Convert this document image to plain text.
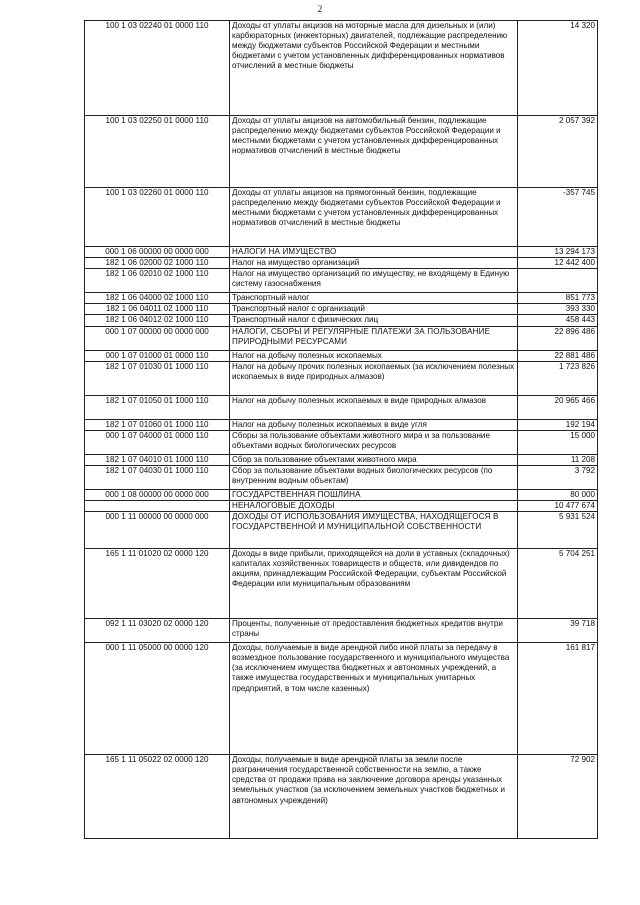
2
100 1 03 02240 01 0000 110	Доходы от уплаты акцизов на моторные масла для дизельных и (или) карбюраторных (инжекторных) двигателей, подлежащие распределению между бюджетами субъектов Российской Федерации и местными бюджетами с учетом установленных дифференцированных нормативов отчислений в местные бюджеты	14 320
100 1 03 02250 01 0000 110	Доходы от уплаты акцизов на автомобильный бензин, подлежащие распределению между бюджетами субъектов Российской Федерации и местными бюджетами с учетом установленных дифференцированных нормативов отчислений в местные бюджеты	2 057 392
100 1 03 02260 01 0000 110	Доходы от уплаты акцизов на прямогонный бензин, подлежащие распределению между бюджетами субъектов Российской Федерации и местными бюджетами с учетом установленных дифференцированных нормативов отчислений в местные бюджеты	-357 745
000 1 06 00000 00 0000 000	НАЛОГИ НА ИМУЩЕСТВО	13 294 173
182 1 06 02000 02 1000 110	Налог на имущество организаций	12 442 400
182 1 06 02010 02 1000 110	Налог на имущество организаций по имуществу, не входящему в Единую систему газоснабжения	
182 1 06 04000 02 1000 110	Транспортный налог	851 773
182 1 06 04011 02 1000 110	Транспортный налог с организаций	393 330
182 1 06 04012 02 1000 110	Транспортный налог с физических лиц	458 443
000 1 07 00000 00 0000 000	НАЛОГИ, СБОРЫ И РЕГУЛЯРНЫЕ ПЛАТЕЖИ ЗА ПОЛЬЗОВАНИЕ ПРИРОДНЫМИ РЕСУРСАМИ	22 896 486
000 1 07 01000 01 0000 110	Налог на добычу полезных ископаемых	22 881 486
182 1 07 01030 01 1000 110	Налог на добычу прочих полезных ископаемых (за исключением полезных ископаемых в виде природных алмазов)	1 723 826
182 1 07 01050 01 1000 110	Налог на добычу полезных ископаемых в виде природных алмазов	20 965 466
182 1 07 01060 01 1000 110	Налог на добычу полезных ископаемых в виде угля	192 194
000 1 07 04000 01 0000 110	Сборы за пользование объектами животного мира и за пользование объектами водных биологических ресурсов	15 000
182 1 07 04010 01 1000 110	Сбор за пользование объектами животного мира	11 208
182 1 07 04030 01 1000 110	Сбор за пользование объектами водных биологических ресурсов (по внутренним водным объектам)	3 792
000 1 08 00000 00 0000 000	ГОСУДАРСТВЕННАЯ ПОШЛИНА	80 000
	НЕНАЛОГОВЫЕ ДОХОДЫ	10 477 674
000 1 11 00000 00 0000 000	ДОХОДЫ ОТ ИСПОЛЬЗОВАНИЯ ИМУЩЕСТВА, НАХОДЯЩЕГОСЯ В ГОСУДАРСТВЕННОЙ И МУНИЦИПАЛЬНОЙ СОБСТВЕННОСТИ	5 931 524
165 1 11 01020 02 0000 120	Доходы в виде прибыли, приходящейся на доли в уставных (складочных) капиталах хозяйственных товариществ и обществ, или дивидендов по акциям, принадлежащим Российской Федерации, субъектам Российской Федерации или муниципальным образованиям	5 704 251
092 1 11 03020 02 0000 120	Проценты, полученные от предоставления бюджетных кредитов внутри страны	39 718
000 1 11 05000 00 0000 120	Доходы, получаемые в виде арендной либо иной платы за передачу в возмездное пользование государственного и муниципального имущества (за исключением имущества бюджетных и автономных учреждений, а также имущества государственных и муниципальных унитарных предприятий, в том числе казенных)	161 817
165 1 11 05022 02 0000 120	Доходы, получаемые в виде арендной платы за земли после разграничения государственной собственности на землю, а также средства от продажи права на заключение договора аренды указанных земельных участков (за исключением земельных участков бюджетных и автономных учреждений)	72 902
